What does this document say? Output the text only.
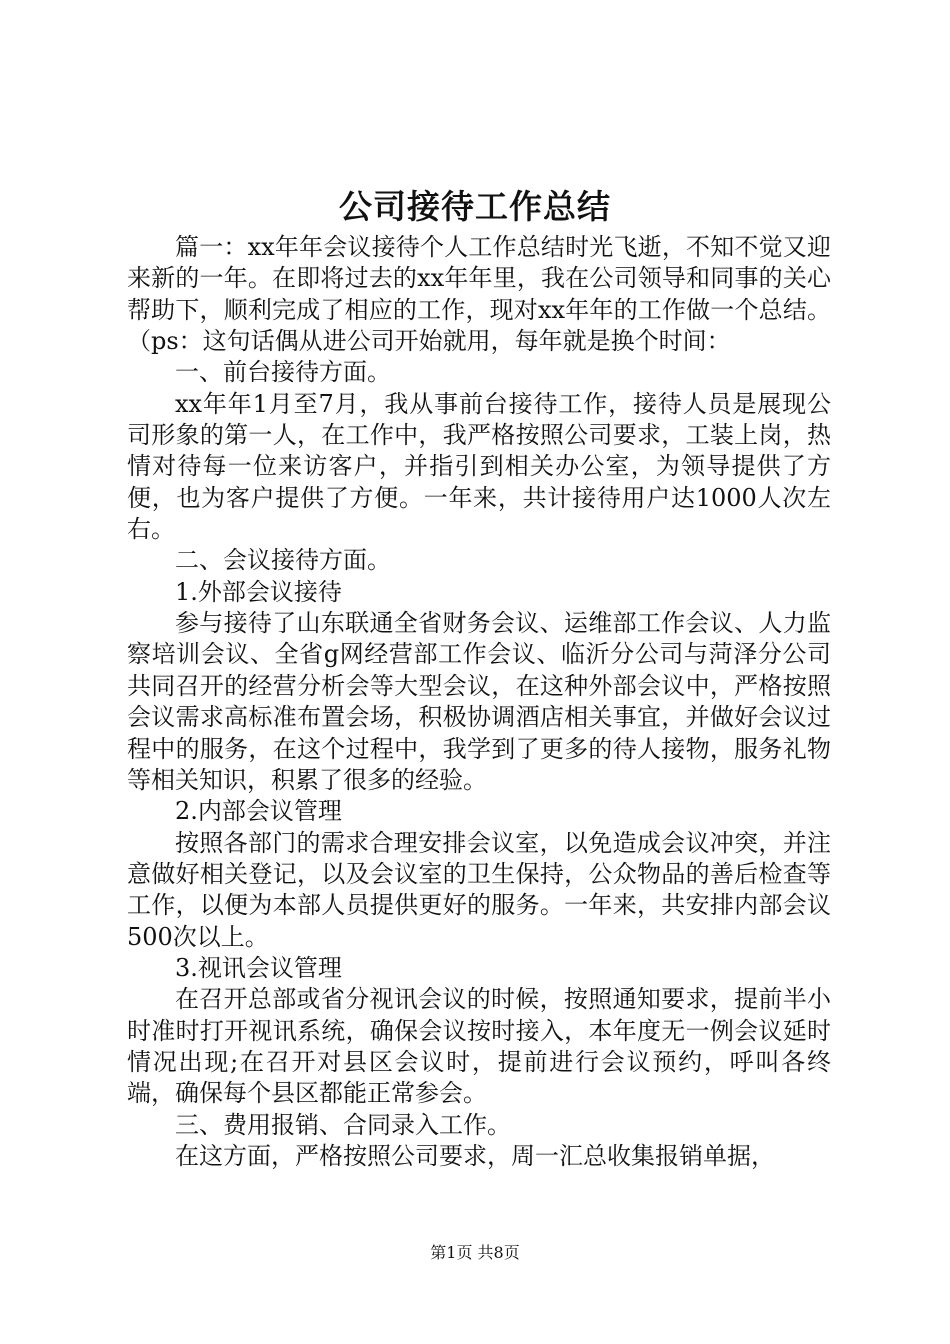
公司接待工作总结

篇一：xx年年会议接待个人工作总结时光飞逝，不知不觉又迎来新的一年。在即将过去的xx年年里，我在公司领导和同事的关心帮助下，顺利完成了相应的工作，现对xx年年的工作做一个总结。（ps：这句话偶从进公司开始就用，每年就是换个时间：

一、前台接待方面。

xx年年1月至7月，我从事前台接待工作，接待人员是展现公司形象的第一人，在工作中，我严格按照公司要求，工装上岗，热情对待每一位来访客户，并指引到相关办公室，为领导提供了方便，也为客户提供了方便。一年来，共计接待用户达1000人次左右。

二、会议接待方面。

1.外部会议接待

参与接待了山东联通全省财务会议、运维部工作会议、人力监察培训会议、全省g网经营部工作会议、临沂分公司与菏泽分公司共同召开的经营分析会等大型会议，在这种外部会议中，严格按照会议需求高标准布置会场，积极协调酒店相关事宜，并做好会议过程中的服务，在这个过程中，我学到了更多的待人接物，服务礼物等相关知识，积累了很多的经验。

2.内部会议管理

按照各部门的需求合理安排会议室，以免造成会议冲突，并注意做好相关登记，以及会议室的卫生保持，公众物品的善后检查等工作，以便为本部人员提供更好的服务。一年来，共安排内部会议500次以上。

3.视讯会议管理

在召开总部或省分视讯会议的时候，按照通知要求，提前半小时准时打开视讯系统，确保会议按时接入，本年度无一例会议延时情况出现;在召开对县区会议时，提前进行会议预约，呼叫各终端，确保每个县区都能正常参会。

三、费用报销、合同录入工作。

在这方面，严格按照公司要求，周一汇总收集报销单据，

第1页 共8页
